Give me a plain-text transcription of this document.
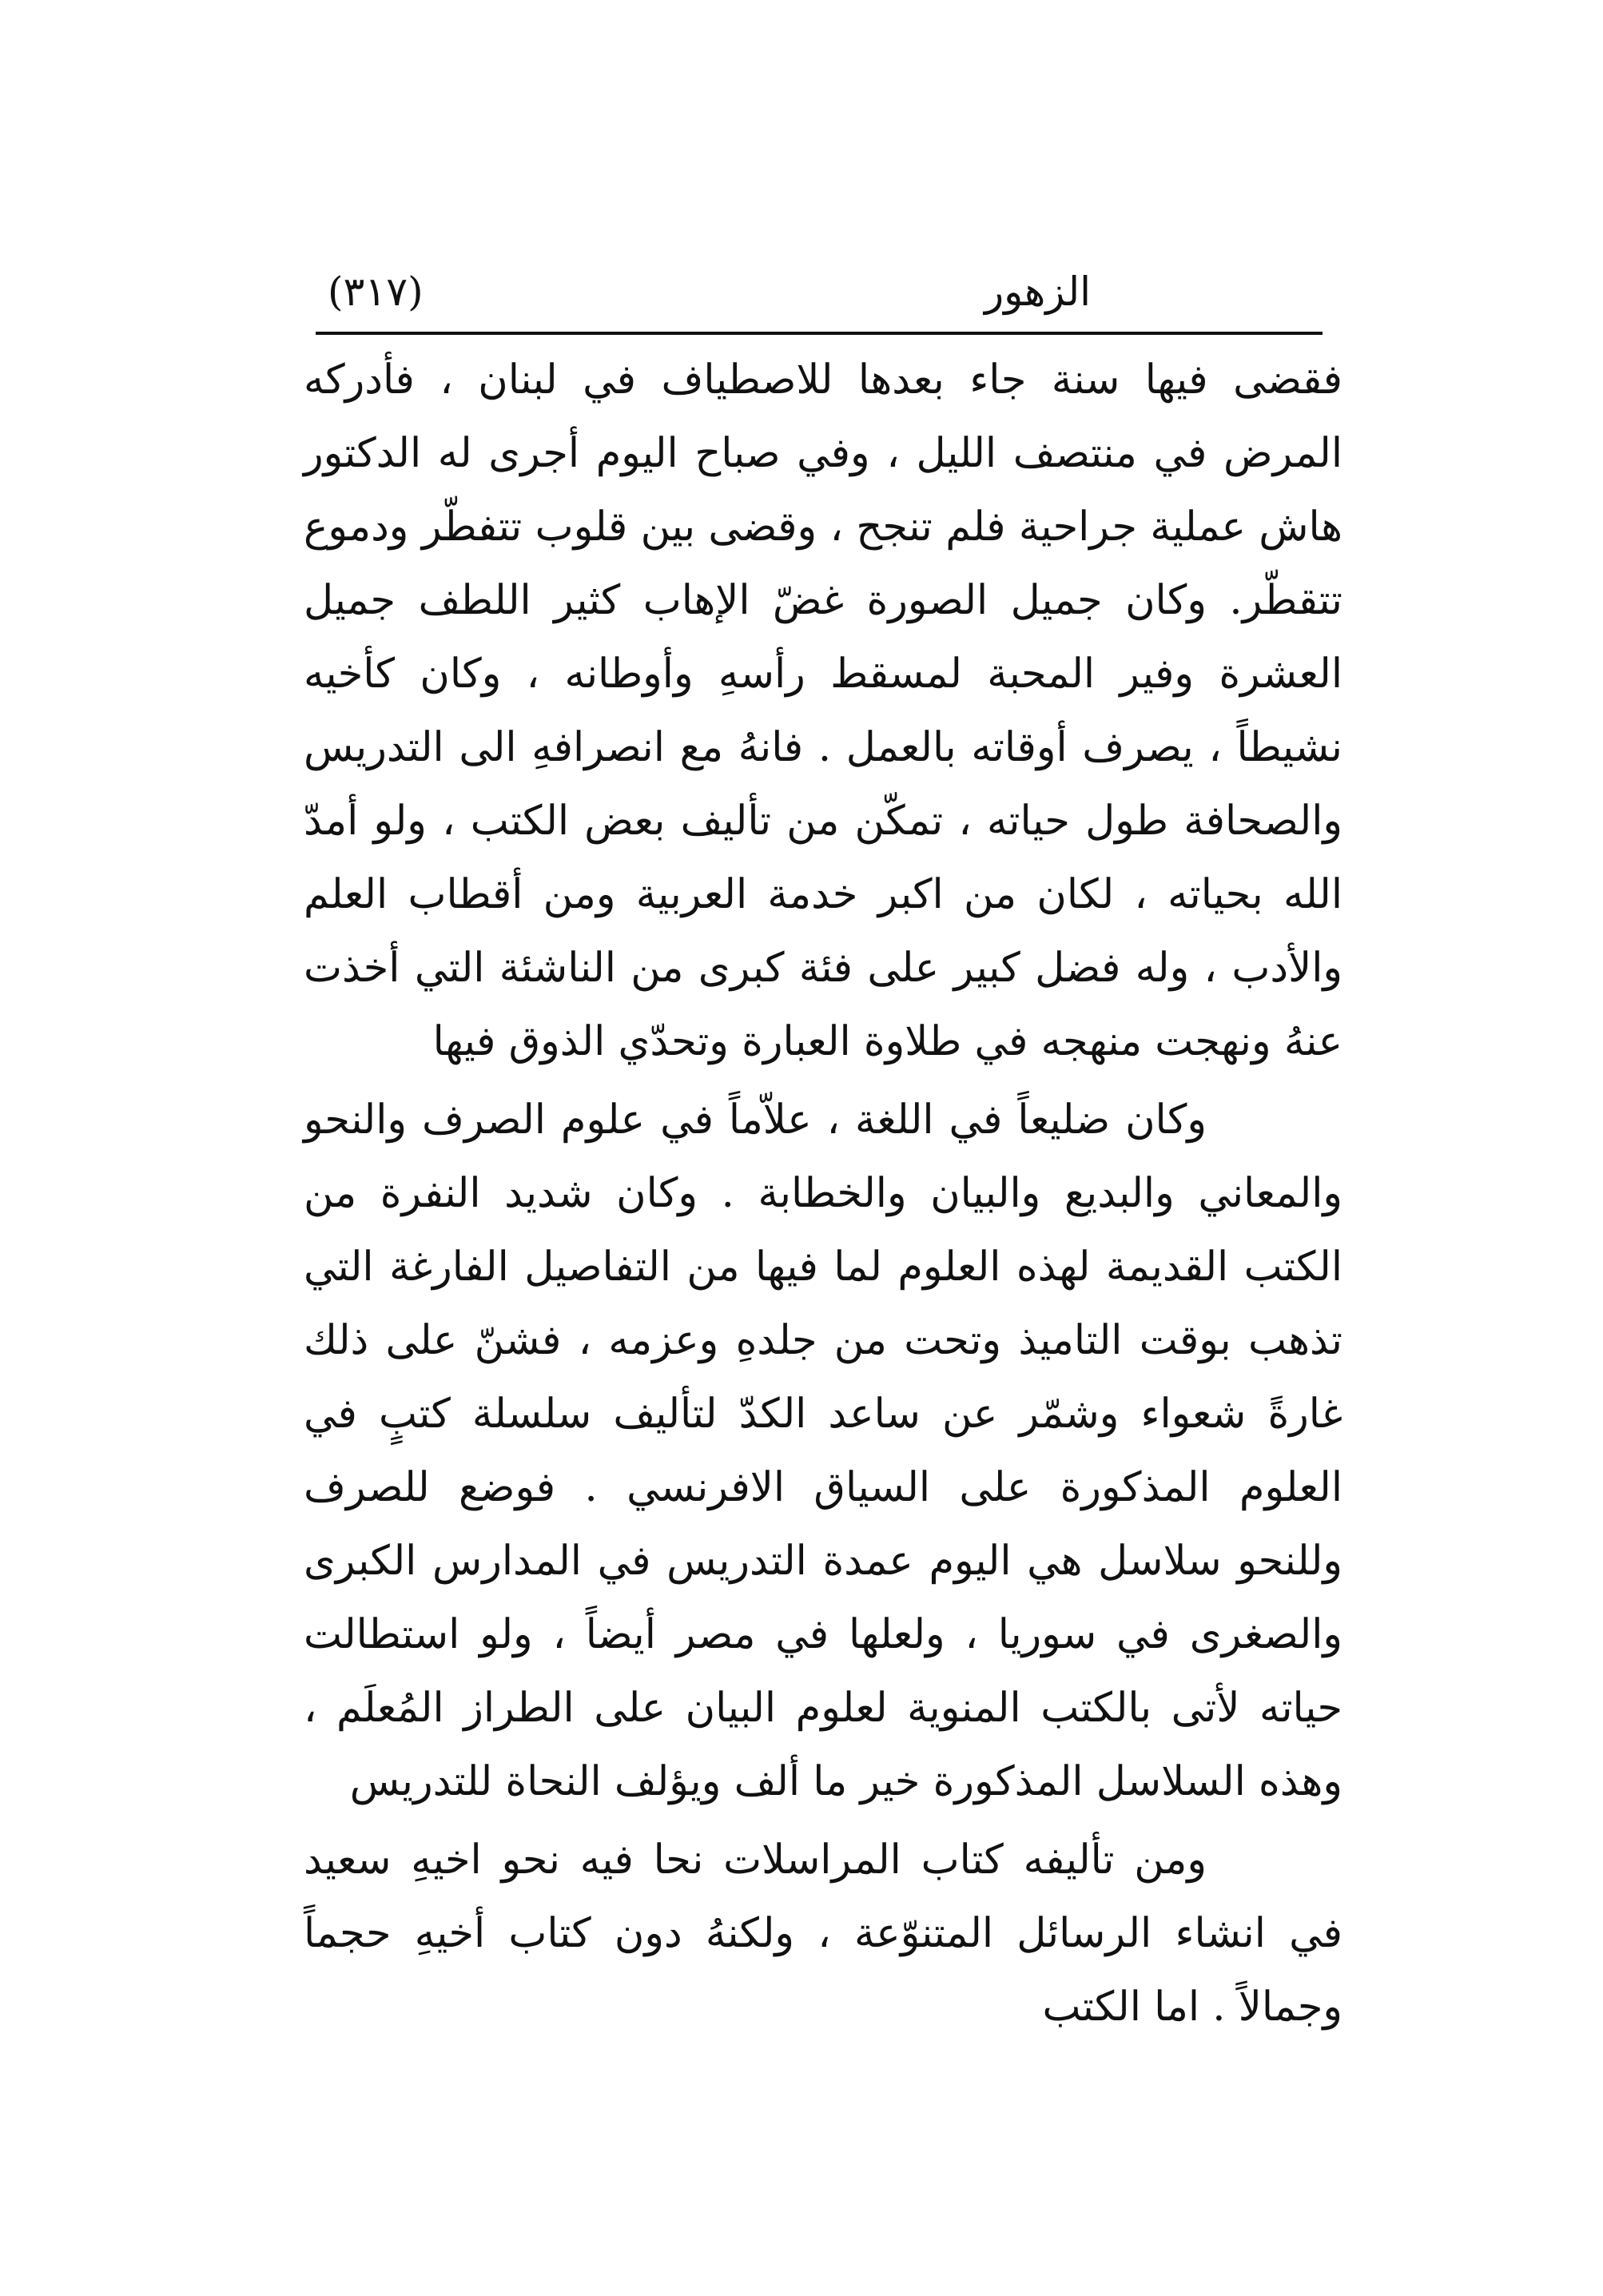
الزهور
(٣١٧)

فقضى فيها سنة جاء بعدها للاصطياف في لبنان ، فأدركه المرض في منتصف الليل ، وفي صباح اليوم أجرى له الدكتور هاش عملية جراحية فلم تنجح ، وقضى بين قلوب تتفطّر ودموع تتقطّر. وكان جميل الصورة غضّ الإهاب كثير اللطف جميل العشرة وفير المحبة لمسقط رأسهِ وأوطانه ، وكان كأخيه نشيطاً ، يصرف أوقاته بالعمل . فانهُ مع انصرافهِ الى التدريس والصحافة طول حياته ، تمكّن من تأليف بعض الكتب ، ولو أمدّ الله بحياته ، لكان من اكبر خدمة العربية ومن أقطاب العلم والأدب ، وله فضل كبير على فئة كبرى من الناشئة التي أخذت عنهُ ونهجت منهجه في طلاوة العبارة وتحدّي الذوق فيها

وكان ضليعاً في اللغة ، علاّماً في علوم الصرف والنحو والمعاني والبديع والبيان والخطابة . وكان شديد النفرة من الكتب القديمة لهذه العلوم لما فيها من التفاصيل الفارغة التي تذهب بوقت التاميذ وتحت من جلدهِ وعزمه ، فشنّ على ذلك غارةً شعواء وشمّر عن ساعد الكدّ لتأليف سلسلة كتبٍ في العلوم المذكورة على السياق الافرنسي . فوضع للصرف وللنحو سلاسل هي اليوم عمدة التدريس في المدارس الكبرى والصغرى في سوريا ، ولعلها في مصر أيضاً ، ولو استطالت حياته لأتى بالكتب المنوية لعلوم البيان على الطراز المُعلَم ، وهذه السلاسل المذكورة خير ما ألف ويؤلف النحاة للتدريس

ومن تأليفه كتاب المراسلات نحا فيه نحو اخيهِ سعيد في انشاء الرسائل المتنوّعة ، ولكنهُ دون كتاب أخيهِ حجماً وجمالاً . اما الكتب
